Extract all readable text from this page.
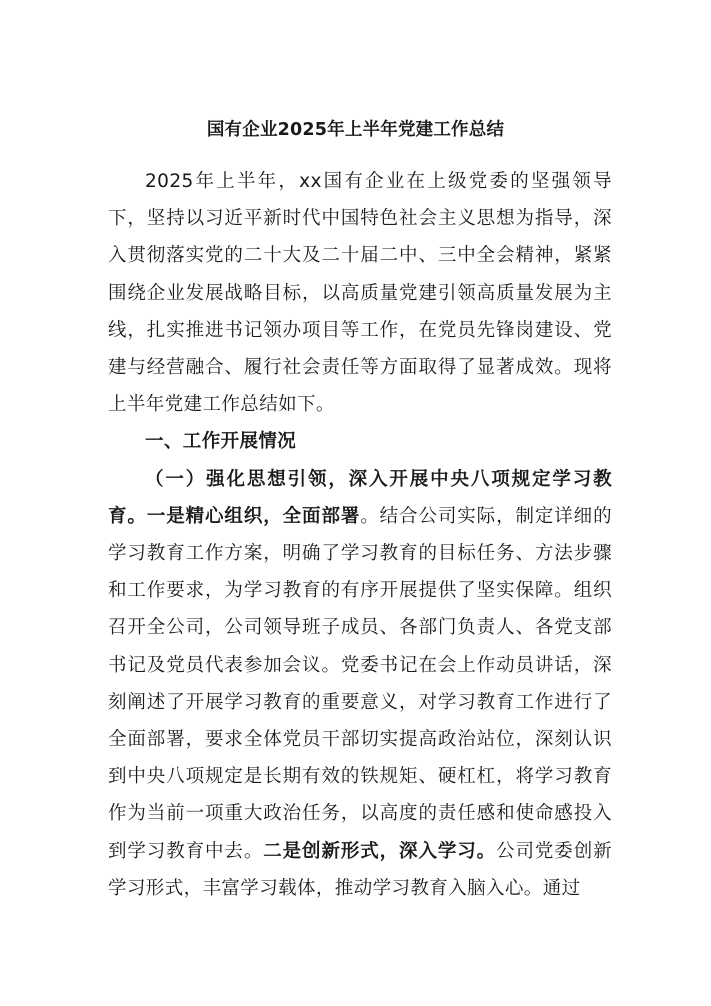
国有企业2025年上半年党建工作总结

2025年上半年，xx国有企业在上级党委的坚强领导下，坚持以习近平新时代中国特色社会主义思想为指导，深入贯彻落实党的二十大及二十届二中、三中全会精神，紧紧围绕企业发展战略目标，以高质量党建引领高质量发展为主线，扎实推进书记领办项目等工作，在党员先锋岗建设、党建与经营融合、履行社会责任等方面取得了显著成效。现将上半年党建工作总结如下。

一、工作开展情况

（一）强化思想引领，深入开展中央八项规定学习教育。一是精心组织，全面部署。结合公司实际，制定详细的学习教育工作方案，明确了学习教育的目标任务、方法步骤和工作要求，为学习教育的有序开展提供了坚实保障。组织召开全公司，公司领导班子成员、各部门负责人、各党支部书记及党员代表参加会议。党委书记在会上作动员讲话，深刻阐述了开展学习教育的重要意义，对学习教育工作进行了全面部署，要求全体党员干部切实提高政治站位，深刻认识到中央八项规定是长期有效的铁规矩、硬杠杠，将学习教育作为当前一项重大政治任务，以高度的责任感和使命感投入到学习教育中去。二是创新形式，深入学习。公司党委创新学习形式，丰富学习载体，推动学习教育入脑入心。通过
